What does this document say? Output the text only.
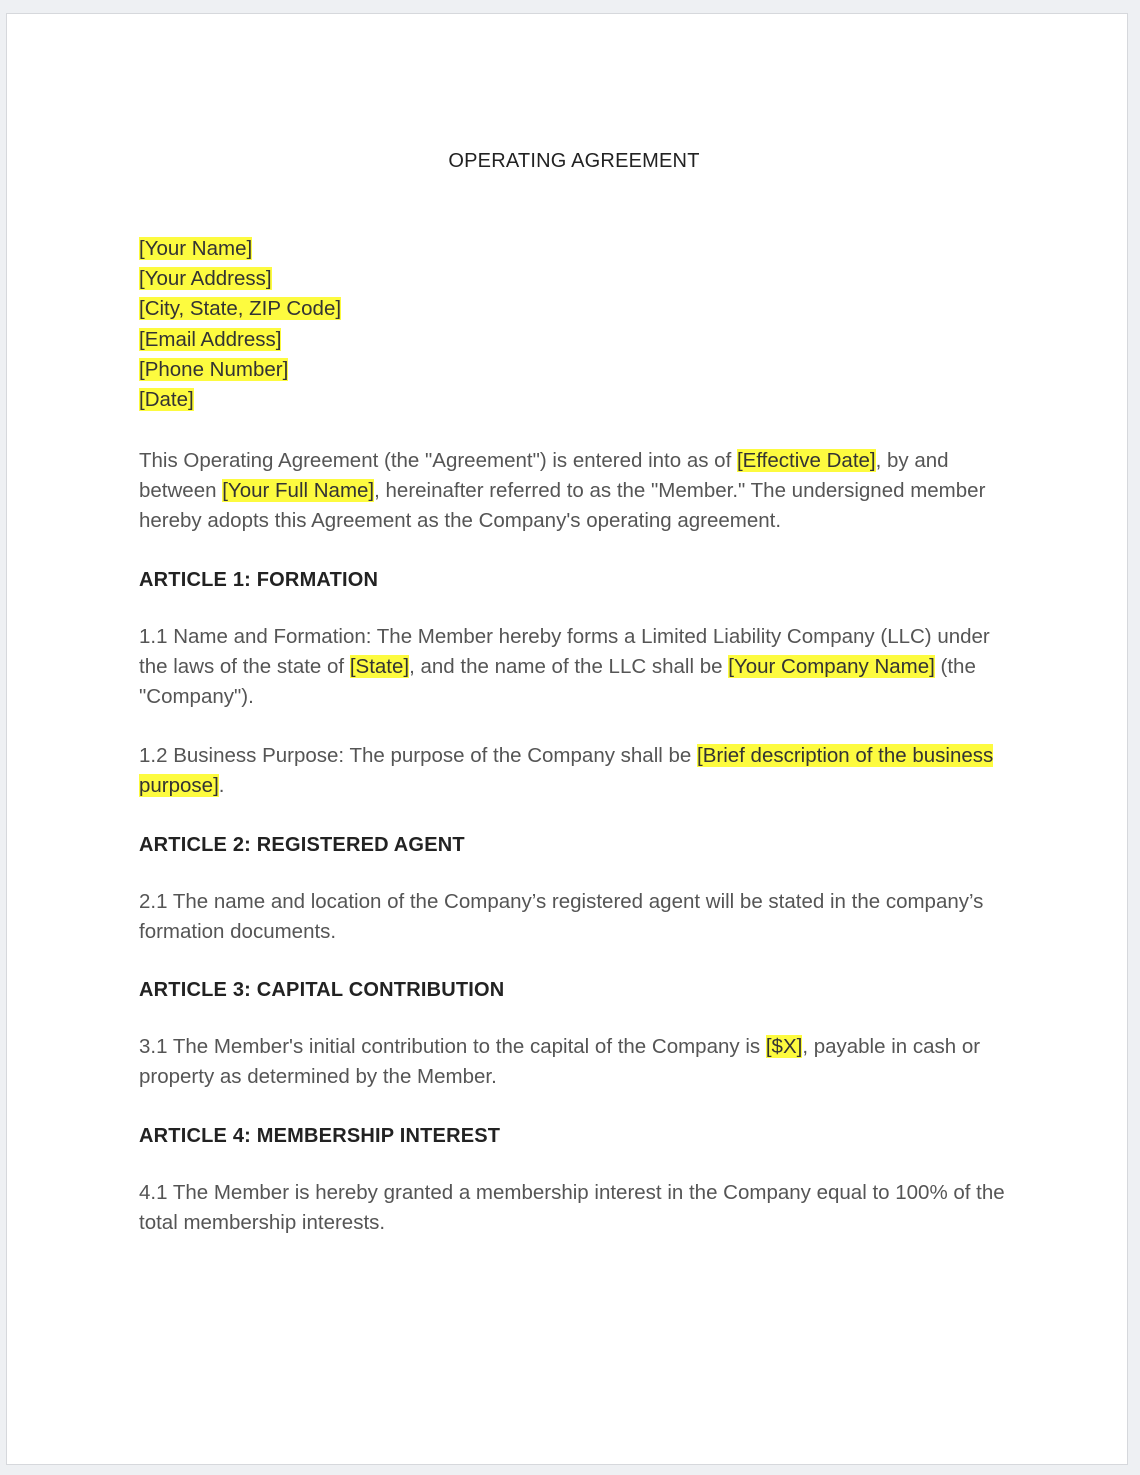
OPERATING AGREEMENT
[Your Name]
[Your Address]
[City, State, ZIP Code]
[Email Address]
[Phone Number]
[Date]

This Operating Agreement (the "Agreement") is entered into as of [Effective Date], by and between [Your Full Name], hereinafter referred to as the "Member." The undersigned member hereby adopts this Agreement as the Company's operating agreement.

ARTICLE 1: FORMATION

1.1 Name and Formation: The Member hereby forms a Limited Liability Company (LLC) under the laws of the state of [State], and the name of the LLC shall be [Your Company Name] (the "Company").

1.2 Business Purpose: The purpose of the Company shall be [Brief description of the business purpose].

ARTICLE 2: REGISTERED AGENT

2.1 The name and location of the Company’s registered agent will be stated in the company’s formation documents.

ARTICLE 3: CAPITAL CONTRIBUTION

3.1 The Member's initial contribution to the capital of the Company is [$X], payable in cash or property as determined by the Member.

ARTICLE 4: MEMBERSHIP INTEREST

4.1 The Member is hereby granted a membership interest in the Company equal to 100% of the total membership interests.
